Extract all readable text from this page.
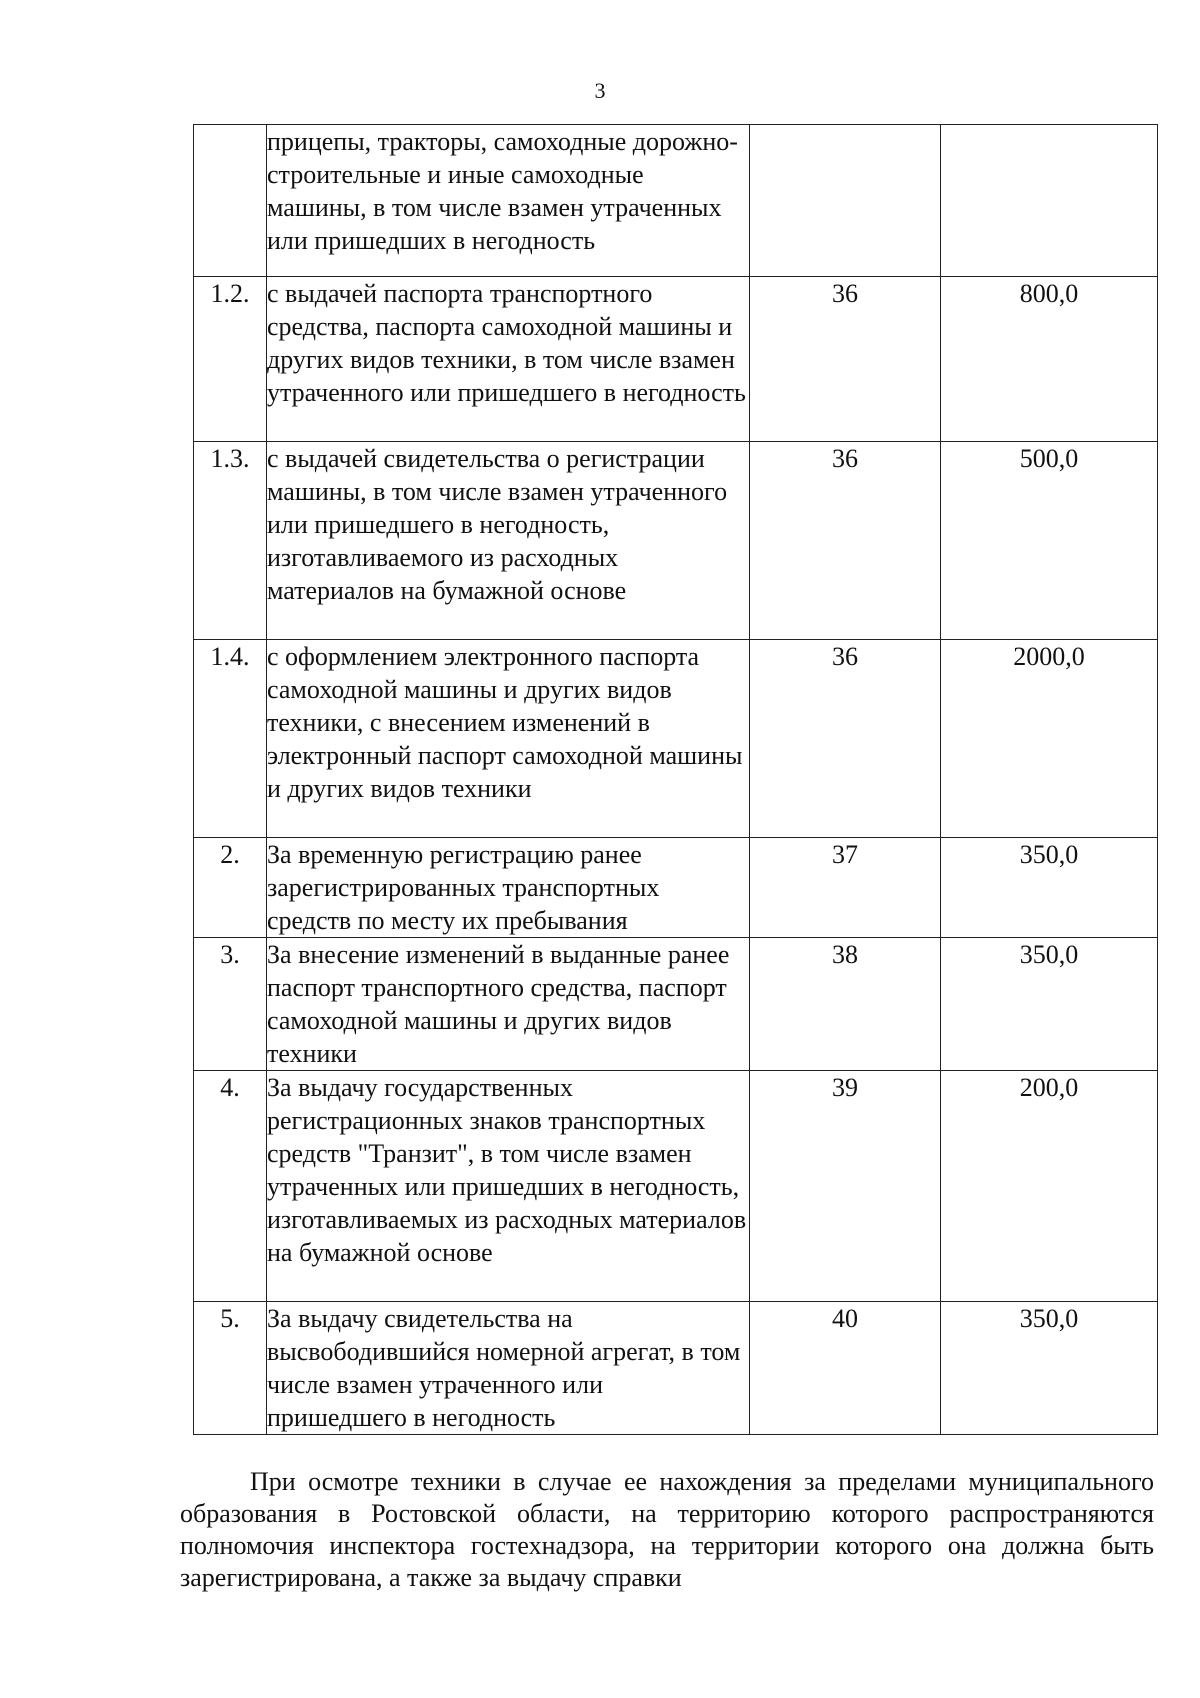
3
	прицепы, тракторы, самоходные дорожно-строительные и иные самоходные машины, в том числе взамен утраченных или пришедших в негодность		
1.2.	с выдачей паспорта транспортного средства, паспорта самоходной машины и других видов техники, в том числе взамен утраченного или пришедшего в негодность	36	800,0
1.3.	с выдачей свидетельства о регистрации машины, в том числе взамен утраченного или пришедшего в негодность, изготавливаемого из расходных материалов на бумажной основе	36	500,0
1.4.	с оформлением электронного паспорта самоходной машины и других видов техники, с внесением изменений в электронный паспорт самоходной машины и других видов техники	36	2000,0
2.	За временную регистрацию ранее зарегистрированных транспортных средств по месту их пребывания	37	350,0
3.	За внесение изменений в выданные ранее паспорт транспортного средства, паспорт самоходной машины и других видов техники	38	350,0
4.	За выдачу государственных регистрационных знаков транспортных средств "Транзит", в том числе взамен утраченных или пришедших в негодность, изготавливаемых из расходных материалов на бумажной основе	39	200,0
5.	За выдачу свидетельства на высвободившийся номерной агрегат, в том числе взамен утраченного или пришедшего в негодность	40	350,0

При осмотре техники в случае ее нахождения за пределами муниципального образования в Ростовской области, на территорию которого распространяются полномочия инспектора гостехнадзора, на территории которого она должна быть зарегистрирована, а также за выдачу справки
